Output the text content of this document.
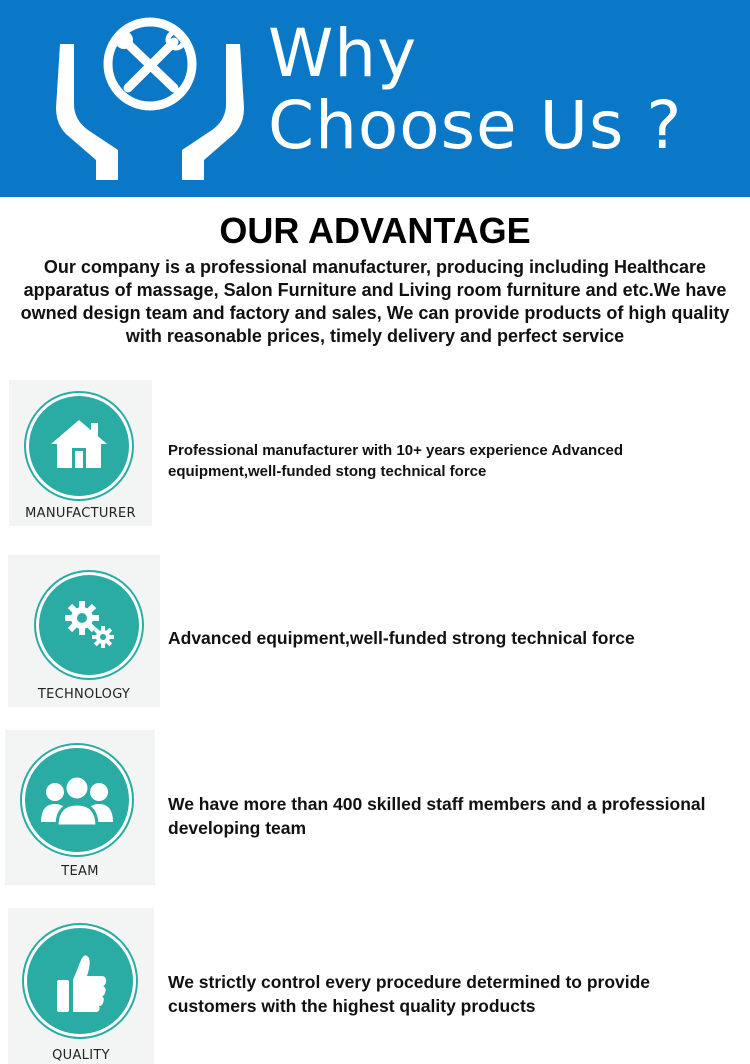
Why
Choose Us ?
OUR ADVANTAGE
Our company is a professional manufacturer, producing including Healthcare apparatus of massage, Salon Furniture and Living room furniture and etc.We have owned design team and factory and sales, We can provide products of high quality with reasonable prices, timely delivery and perfect service
MANUFACTURER
Professional manufacturer with 10+ years experience Advanced equipment,well-funded stong technical force
TECHNOLOGY
Advanced equipment,well-funded strong technical force
TEAM
We have more than 400 skilled staff members and a professional developing team
QUALITY
We strictly control every procedure determined to provide customers with the highest quality products
